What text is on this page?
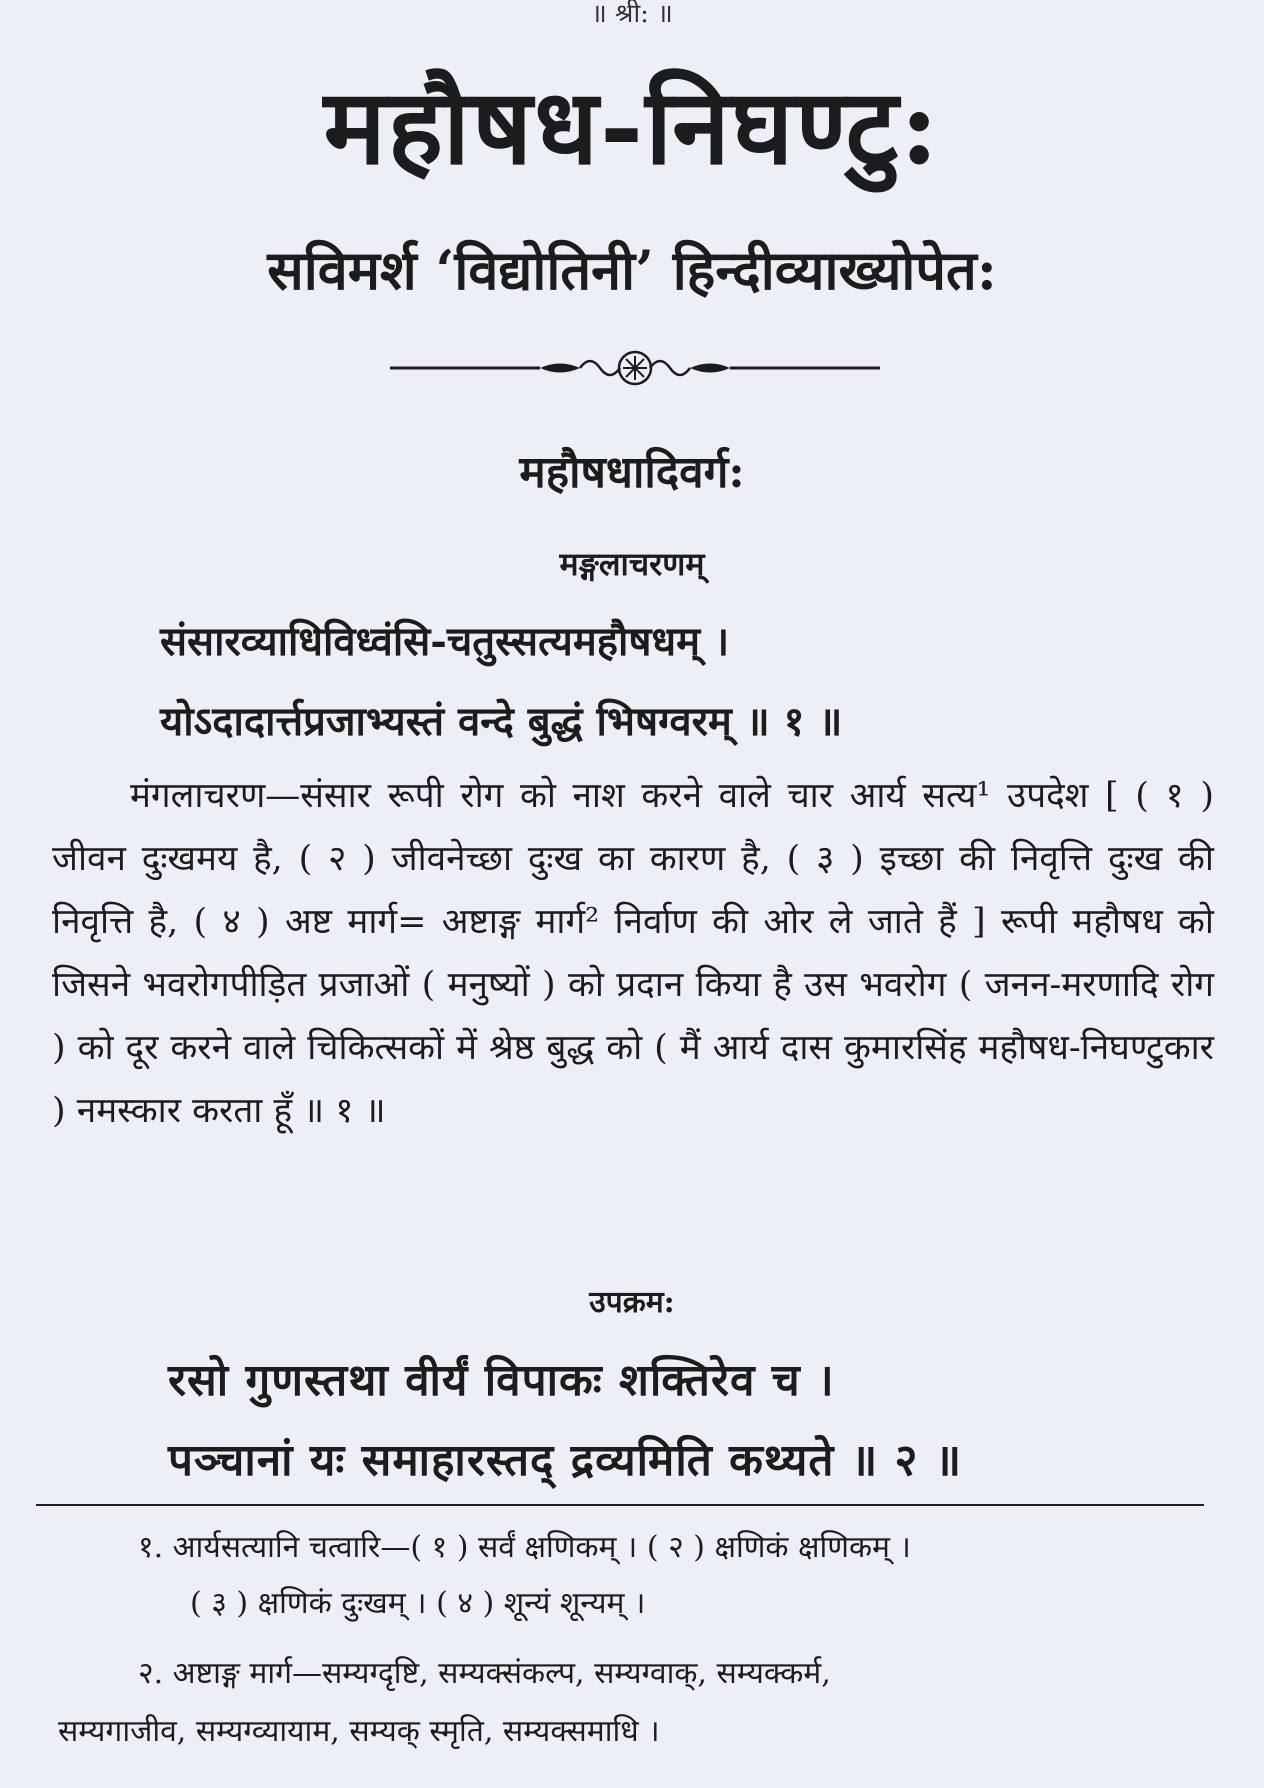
॥ श्री: ॥
महौषध-निघण्टु:
सविमर्श ‘विद्योतिनी’ हिन्दीव्याख्योपेत:
महौषधादिवर्ग:
मङ्गलाचरणम्
संसारव्याधिविध्वंसि-चतुस्सत्यमहौषधम् ।
योऽदादार्त्तप्रजाभ्यस्तं वन्दे बुद्धं भिषग्वरम् ॥ १ ॥
मंगलाचरण—संसार रूपी रोग को नाश करने वाले चार आर्य सत्य¹ उपदेश [ ( १ ) जीवन दुःखमय है, ( २ ) जीवनेच्छा दुःख का कारण है, ( ३ ) इच्छा की निवृत्ति दुःख की निवृत्ति है, ( ४ ) अष्ट मार्ग= अष्टाङ्ग मार्ग² निर्वाण की ओर ले जाते हैं ] रूपी महौषध को जिसने भवरोगपीड़ित प्रजाओं ( मनुष्यों ) को प्रदान किया है उस भवरोग ( जनन-मरणादि रोग ) को दूर करने वाले चिकित्सकों में श्रेष्ठ बुद्ध को ( मैं आर्य दास कुमारसिंह महौषध-निघण्टुकार ) नमस्कार करता हूँ ॥ १ ॥
उपक्रम:
रसो गुणस्तथा वीर्यं विपाकः शक्तिरेव च ।
पञ्चानां यः समाहारस्तद् द्रव्यमिति कथ्यते ॥ २ ॥
१. आर्यसत्यानि चत्वारि—( १ ) सर्वं क्षणिकम् । ( २ ) क्षणिकं क्षणिकम् ।
( ३ ) क्षणिकं दुःखम् । ( ४ ) शून्यं शून्यम् ।
२. अष्टाङ्ग मार्ग—सम्यग्दृष्टि, सम्यक्संकल्प, सम्यग्वाक्, सम्यक्कर्म,
सम्यगाजीव, सम्यग्व्यायाम, सम्यक् स्मृति, सम्यक्समाधि ।
